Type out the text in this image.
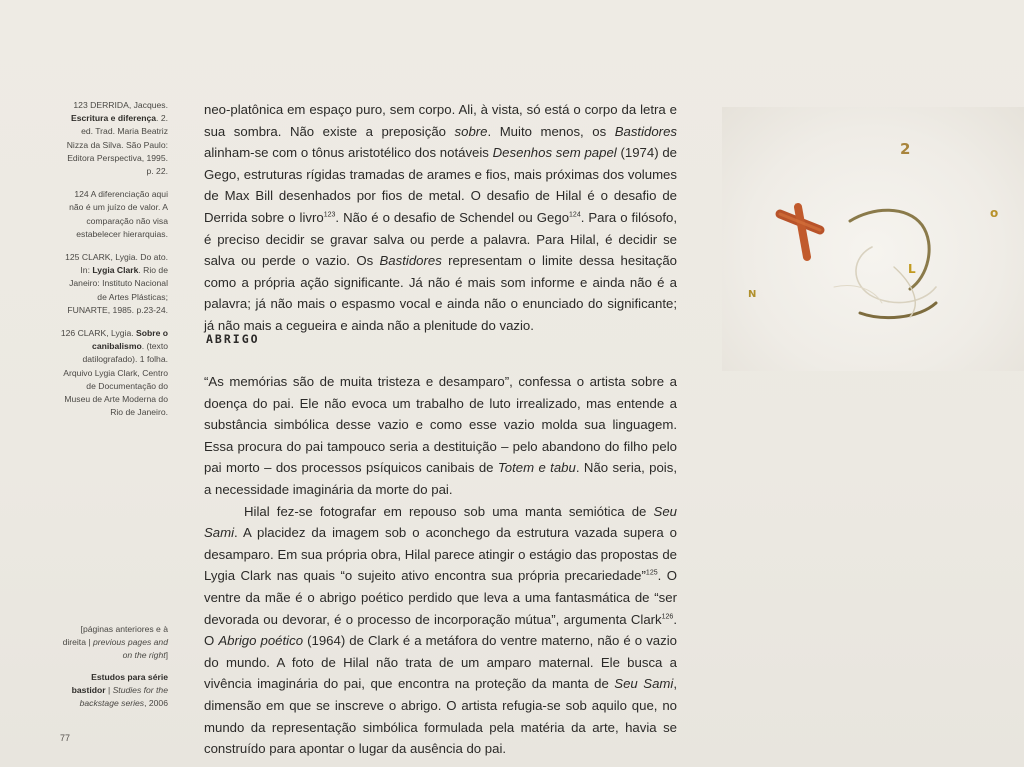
123 DERRIDA, Jacques. Escritura e diferença. 2. ed. Trad. Maria Beatriz Nizza da Silva. São Paulo: Editora Perspectiva, 1995. p. 22.
124 A diferenciação aqui não é um juízo de valor. A comparação não visa estabelecer hierarquias.
125 CLARK, Lygia. Do ato. In: Lygia Clark. Rio de Janeiro: Instituto Nacional de Artes Plásticas; FUNARTE, 1985. p.23-24.
126 CLARK, Lygia. Sobre o canibalismo. (texto datilografado). 1 folha. Arquivo Lygia Clark, Centro de Documentação do Museu de Arte Moderna do Rio de Janeiro.
[páginas anteriores e à direita | previous pages and on the right]
Estudos para série bastidor | Studies for the backstage series, 2006
77

neo-platônica em espaço puro, sem corpo. Ali, à vista, só está o corpo da letra e sua sombra. Não existe a preposição sobre. Muito menos, os Bastidores alinham-se com o tônus aristotélico dos notáveis Desenhos sem papel (1974) de Gego, estruturas rígidas tramadas de arames e fios, mais próximas dos volumes de Max Bill desenhados por fios de metal. O desafio de Hilal é o desafio de Derrida sobre o livro$^{123}$. Não é o desafio de Schendel ou Gego$^{124}$. Para o filósofo, é preciso decidir se gravar salva ou perde a palavra. Para Hilal, é decidir se salva ou perde o vazio. Os Bastidores representam o limite dessa hesitação como a própria ação significante. Já não é mais som informe e ainda não é a palavra; já não mais o espasmo vocal e ainda não o enunciado do significante; já não mais a cegueira e ainda não a plenitude do vazio.

ABRIGO

“As memórias são de muita tristeza e desamparo”, confessa o artista sobre a doença do pai. Ele não evoca um trabalho de luto irrealizado, mas entende a substância simbólica desse vazio e como esse vazio molda sua linguagem. Essa procura do pai tampouco seria a destituição – pelo abandono do filho pelo pai morto – dos processos psíquicos canibais de Totem e tabu. Não seria, pois, a necessidade imaginária da morte do pai.

Hilal fez-se fotografar em repouso sob uma manta semiótica de Seu Sami. A placidez da imagem sob o aconchego da estrutura vazada supera o desamparo. Em sua própria obra, Hilal parece atingir o estágio das propostas de Lygia Clark nas quais “o sujeito ativo encontra sua própria precariedade”$^{125}$. O ventre da mãe é o abrigo poético perdido que leva a uma fantasmática de “ser devorada ou devorar, é o processo de incorporação mútua”, argumenta Clark$^{126}$. O Abrigo poético (1964) de Clark é a metáfora do ventre materno, não é o vazio do mundo. A foto de Hilal não trata de um amparo maternal. Ele busca a vivência imaginária do pai, que encontra na proteção da manta de Seu Sami, dimensão em que se inscreve o abrigo. O artista refugia-se sob aquilo que, no mundo da representação simbólica formulada pela matéria da arte, havia se construído para apontar o lugar da ausência do pai.

2
o
L
N
